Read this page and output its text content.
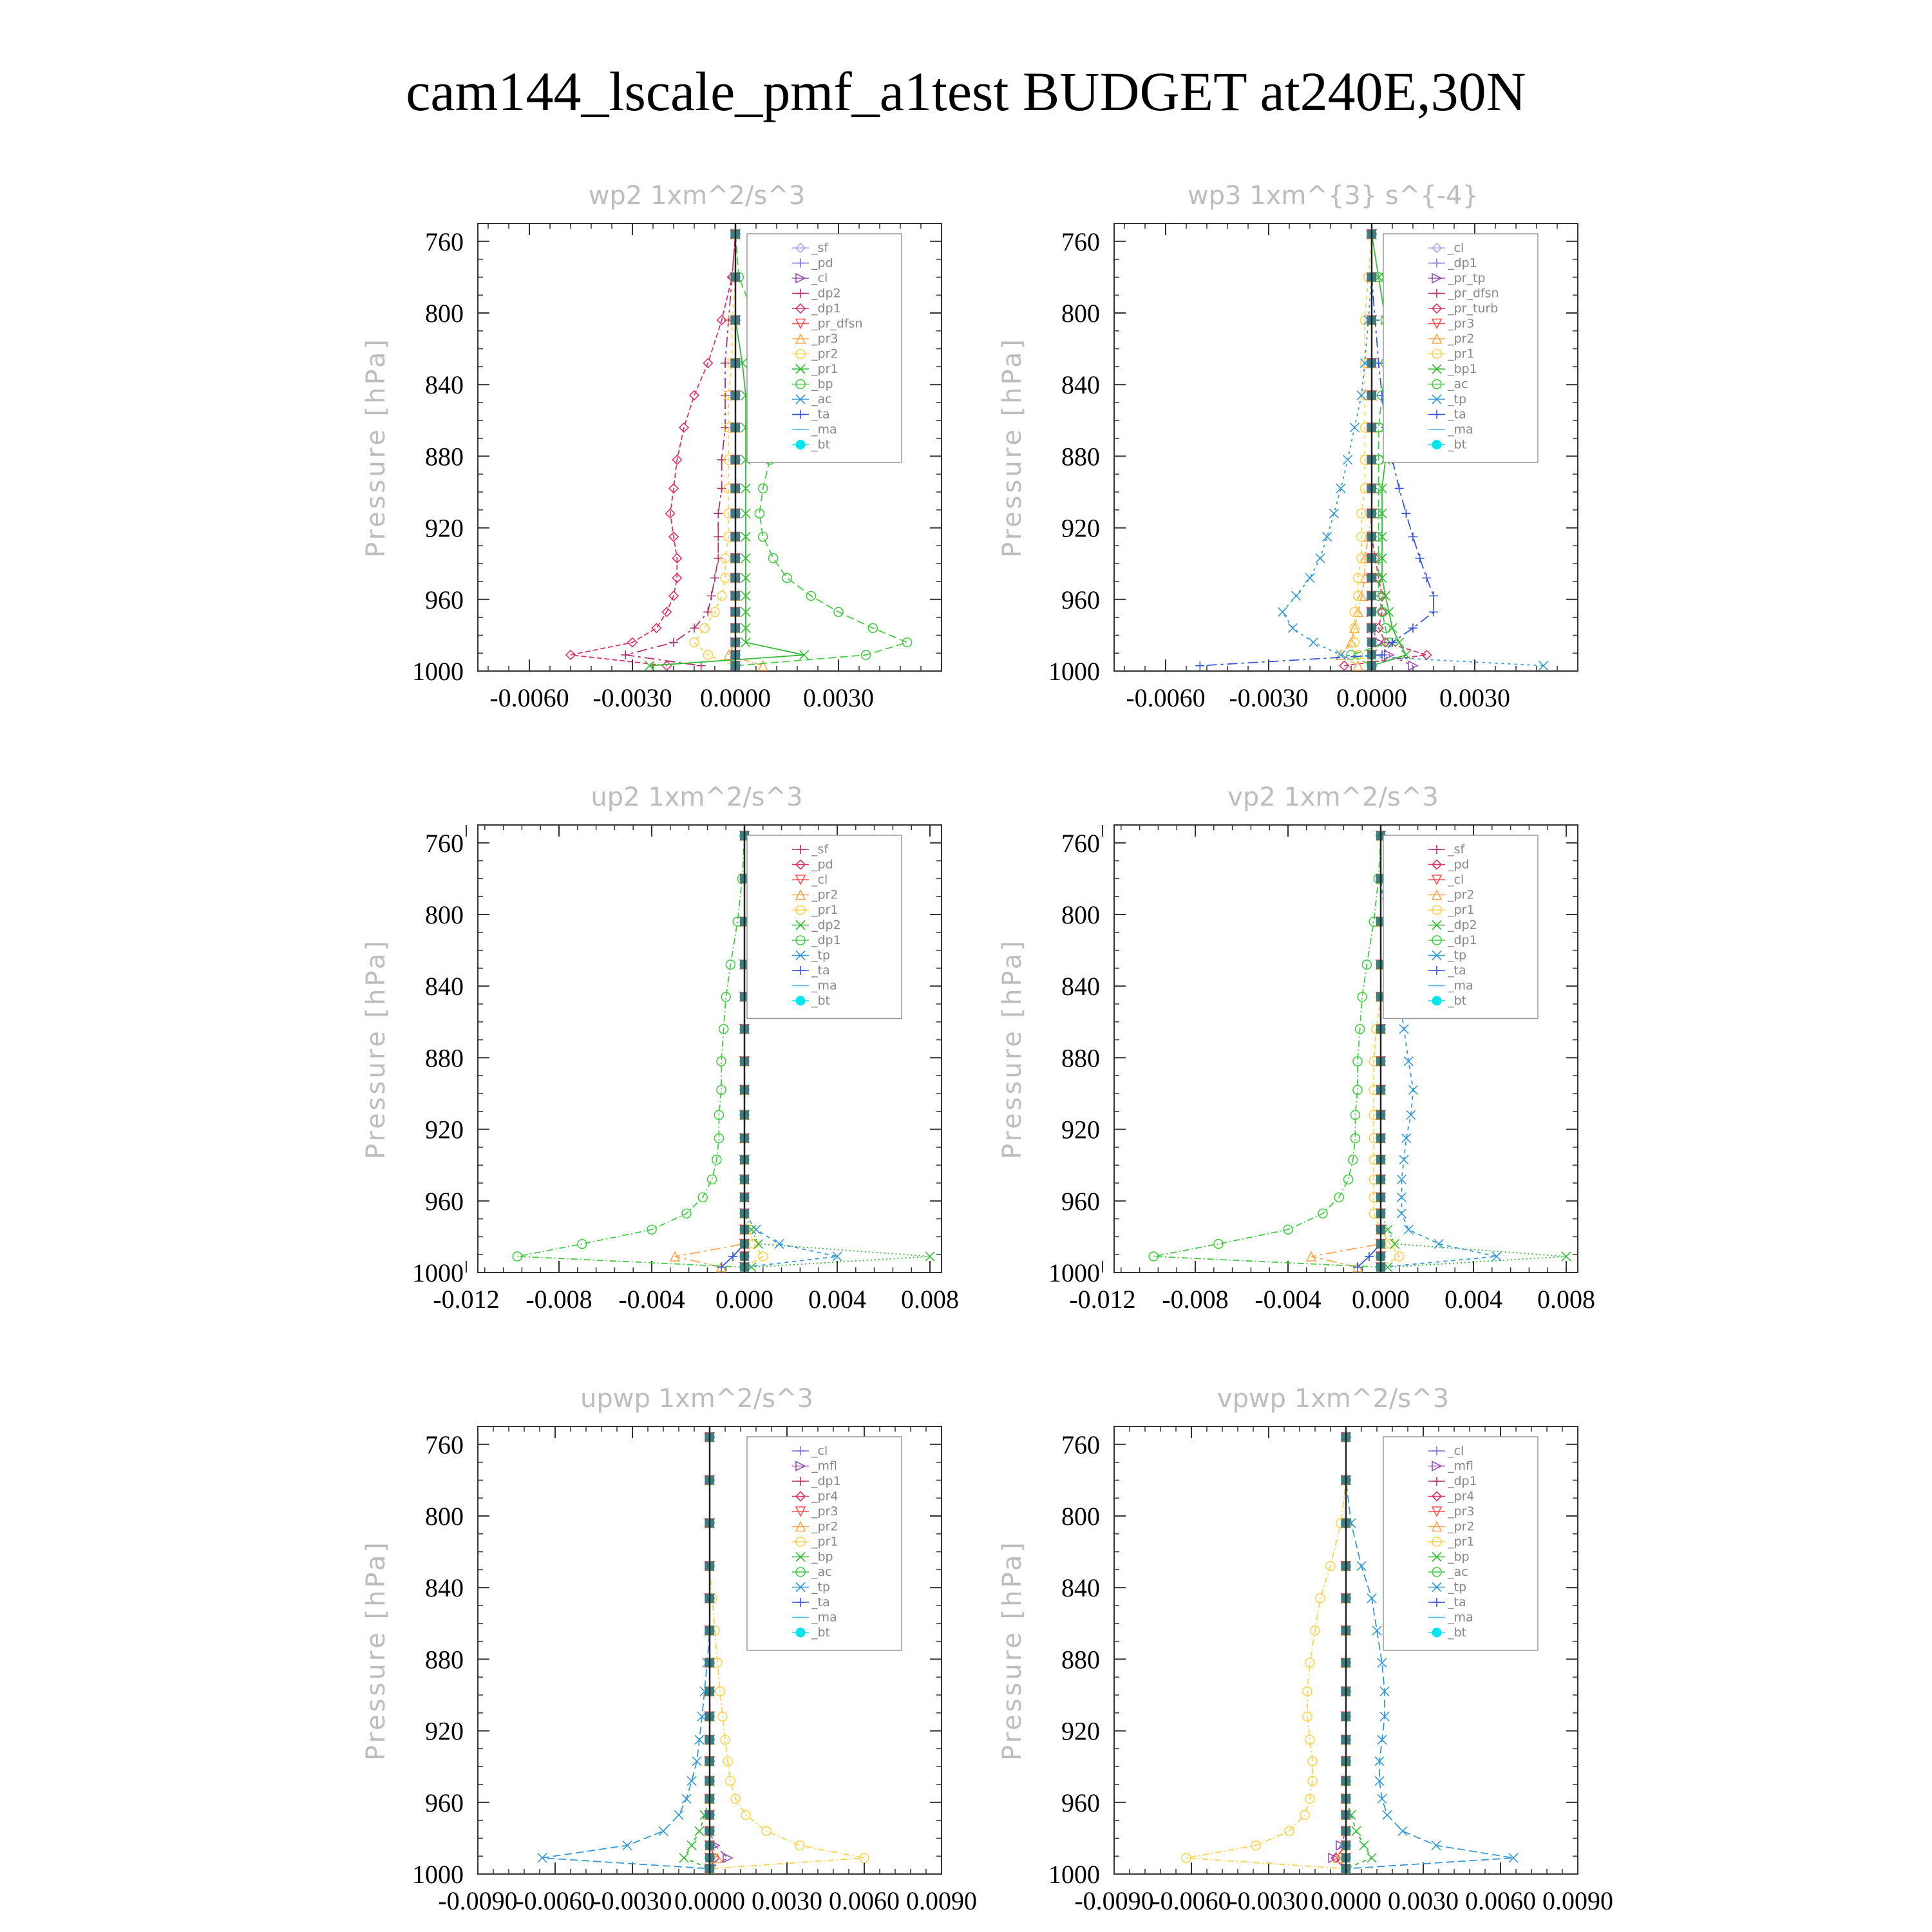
cam144_lscale_pmf_a1test BUDGET at240E,30N
wp2 1xm^2/s^3
Pressure [hPa]
-0.0060 -0.0030 0.0000 0.0030
760
800
840
880
920
960
1000
_sf
_pd
_cl
_dp2
_dp1
_pr_dfsn
_pr3
_pr2
_pr1
_bp
_ac
_ta
_ma
_bt
wp3 1xm^{3} s^{-4}
Pressure [hPa]
-0.0060 -0.0030 0.0000 0.0030
760
800
840
880
920
960
1000
_cl
_dp1
_pr_tp
_pr_dfsn
_pr_turb
_pr3
_pr2
_pr1
_bp1
_ac
_tp
_ta
_ma
_bt
up2 1xm^2/s^3
Pressure [hPa]
-0.012 -0.008 -0.004 0.000 0.004 0.008
760
800
840
880
920
960
1000
_sf
_pd
_cl
_pr2
_pr1
_dp2
_dp1
_tp
_ta
_ma
_bt
vp2 1xm^2/s^3
Pressure [hPa]
-0.012 -0.008 -0.004 0.000 0.004 0.008
760
800
840
880
920
960
1000
_sf
_pd
_cl
_pr2
_pr1
_dp2
_dp1
_tp
_ta
_ma
_bt
upwp 1xm^2/s^3
Pressure [hPa]
-0.0090
-0.0060
-0.0030 0.0000 0.0030 0.0060 0.0090
760
800
840
880
920
960
1000
_cl
_mfl
_dp1
_pr4
_pr3
_pr2
_pr1
_bp
_ac
_tp
_ta
_ma
_bt
vpwp 1xm^2/s^3
Pressure [hPa]
-0.0090
-0.0060
-0.0030 0.0000 0.0030 0.0060 0.0090
760
800
840
880
920
960
1000
_cl
_mfl
_dp1
_pr4
_pr3
_pr2
_pr1
_bp
_ac
_tp
_ta
_ma
_bt
